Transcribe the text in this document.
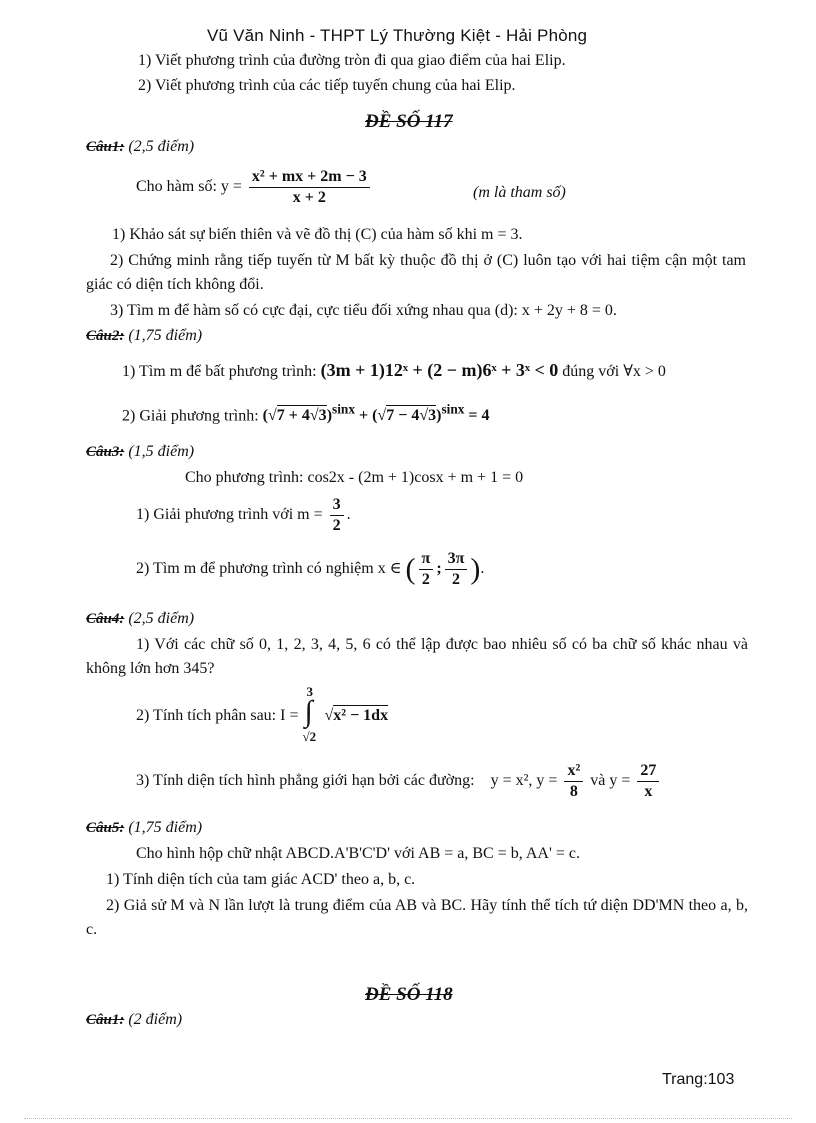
Vũ Văn Ninh - THPT Lý Thường Kiệt - Hải Phòng
1) Viết phương trình của đường tròn đi qua giao điểm của hai Elip.
2) Viết phương trình của các tiếp tuyến chung của hai Elip.
ĐỀ SỐ 117
Câu1: (2,5 điểm)
Cho hàm số: $y = \frac{\text{x² + mx + 2m − 3}}{x + 2}$	(m là tham số)
1) Khảo sát sự biến thiên và vẽ đồ thị (C) của hàm số khi m = 3.
2) Chứng minh rằng tiếp tuyến từ M bất kỳ thuộc đồ thị ở (C) luôn tạo với hai tiệm cận một tam giác có diện tích không đổi.
3) Tìm m để hàm số có cực đại, cực tiểu đối xứng nhau qua (d): x + 2y + 8 = 0.
Câu2: (1,75 điểm)
1) Tìm m để bất phương trình: (3m + 1)12ˣ + (2 − m)6ˣ + 3ˣ < 0 đúng với ∀x > 0
2) Giải phương trình: $(√7 + 4√3)^{sinx} + (√7 - 4√3)^{sinx} = 4$
Câu3: (1,5 điểm)
Cho phương trình: cos2x - (2m + 1)cosx + m + 1 = 0
1) Giải phương trình với $m = \frac{3}{2}$ .
2) Tìm m để phương trình có nghiệm x ∈ ( $\frac{\pi}{2}$ ; $\frac{3\pi}{2}$ ).
Câu4: (2,5 điểm)
1) Với các chữ số 0, 1, 2, 3, 4, 5, 6 có thể lập được bao nhiêu số có ba chữ số khác nhau và không lớn hơn 345?
2) Tính tích phân sau: I =
3
∫
√2
√x² − 1dx
3) Tính diện tích hình phẳng giới hạn bởi các đường: y = x², $y = \frac{\text{x²}}{8}$ và $y = \frac{27}{x}$
Câu5: (1,75 điểm)
Cho hình hộp chữ nhật ABCD.A'B'C'D' với AB = a, BC = b, AA' = c.
1) Tính diện tích của tam giác ACD' theo a, b, c.
2) Giả sử M và N lần lượt là trung điểm của AB và BC. Hãy tính thể tích tứ diện DD'MN theo a, b, c.
ĐỀ SỐ 118
Câu1: (2 điểm)
Trang:103
